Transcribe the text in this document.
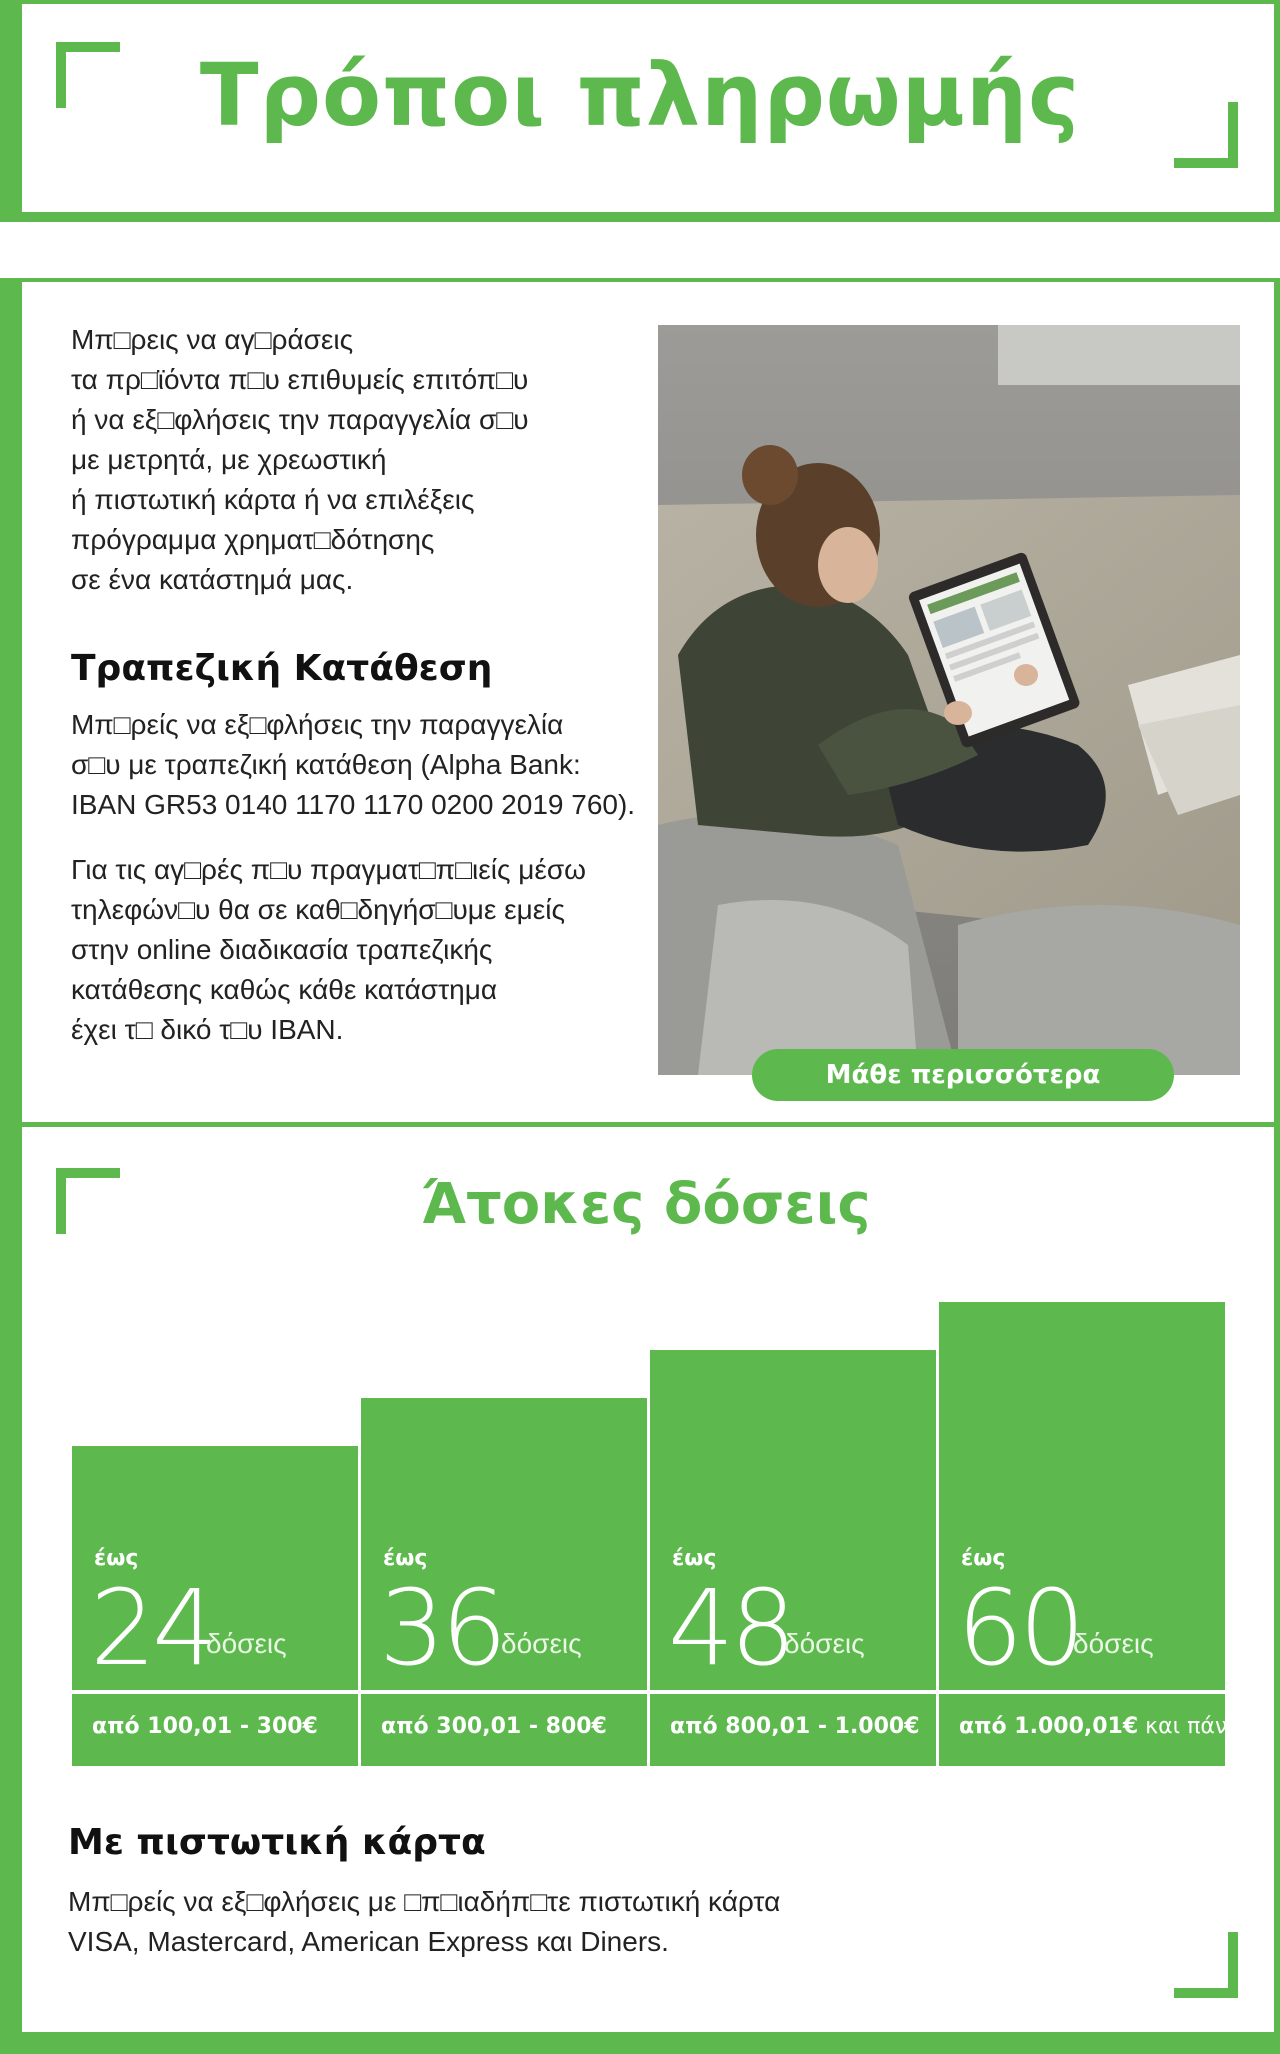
Τρόποι πληρωμής

Μπ□ρεις να αγ□ράσεις

τα πρ□ϊόντα π□υ επιθυμείς επιτόπ□υ

ή να εξ□φλήσεις την παραγγελία σ□υ

με μετρητά, με χρεωστική

ή πιστωτική κάρτα ή να επιλέξεις

πρόγραμμα χρηματ□δότησης

σε ένα κατάστημά μας.

Τραπεζική Κατάθεση

Μπ□ρείς να εξ□φλήσεις την παραγγελία

σ□υ με τραπεζική κατάθεση (Alpha Bank:

IBAN GR53 0140 1170 1170 0200 2019 760).

Για τις αγ□ρές π□υ πραγματ□π□ιείς μέσω

τηλεφών□υ θα σε καθ□δηγήσ□υμε εμείς

στην online διαδικασία τραπεζικής

κατάθεσης καθώς κάθε κατάστημα

έχει τ□ δικό τ□υ IBAN.

Μάθε περισσότερα
Άτοκες δόσεις
έως
24
δόσεις
από 100,01 - 300€
έως
36
δόσεις
από 300,01 - 800€
έως
48
δόσεις
από 800,01 - 1.000€
έως
60
δόσεις
από 1.000,01€ και πάνω
Με πιστωτική κάρτα

Μπ□ρείς να εξ□φλήσεις με □π□ιαδήπ□τε πιστωτική κάρτα

VISA, Mastercard, American Express και Diners.
